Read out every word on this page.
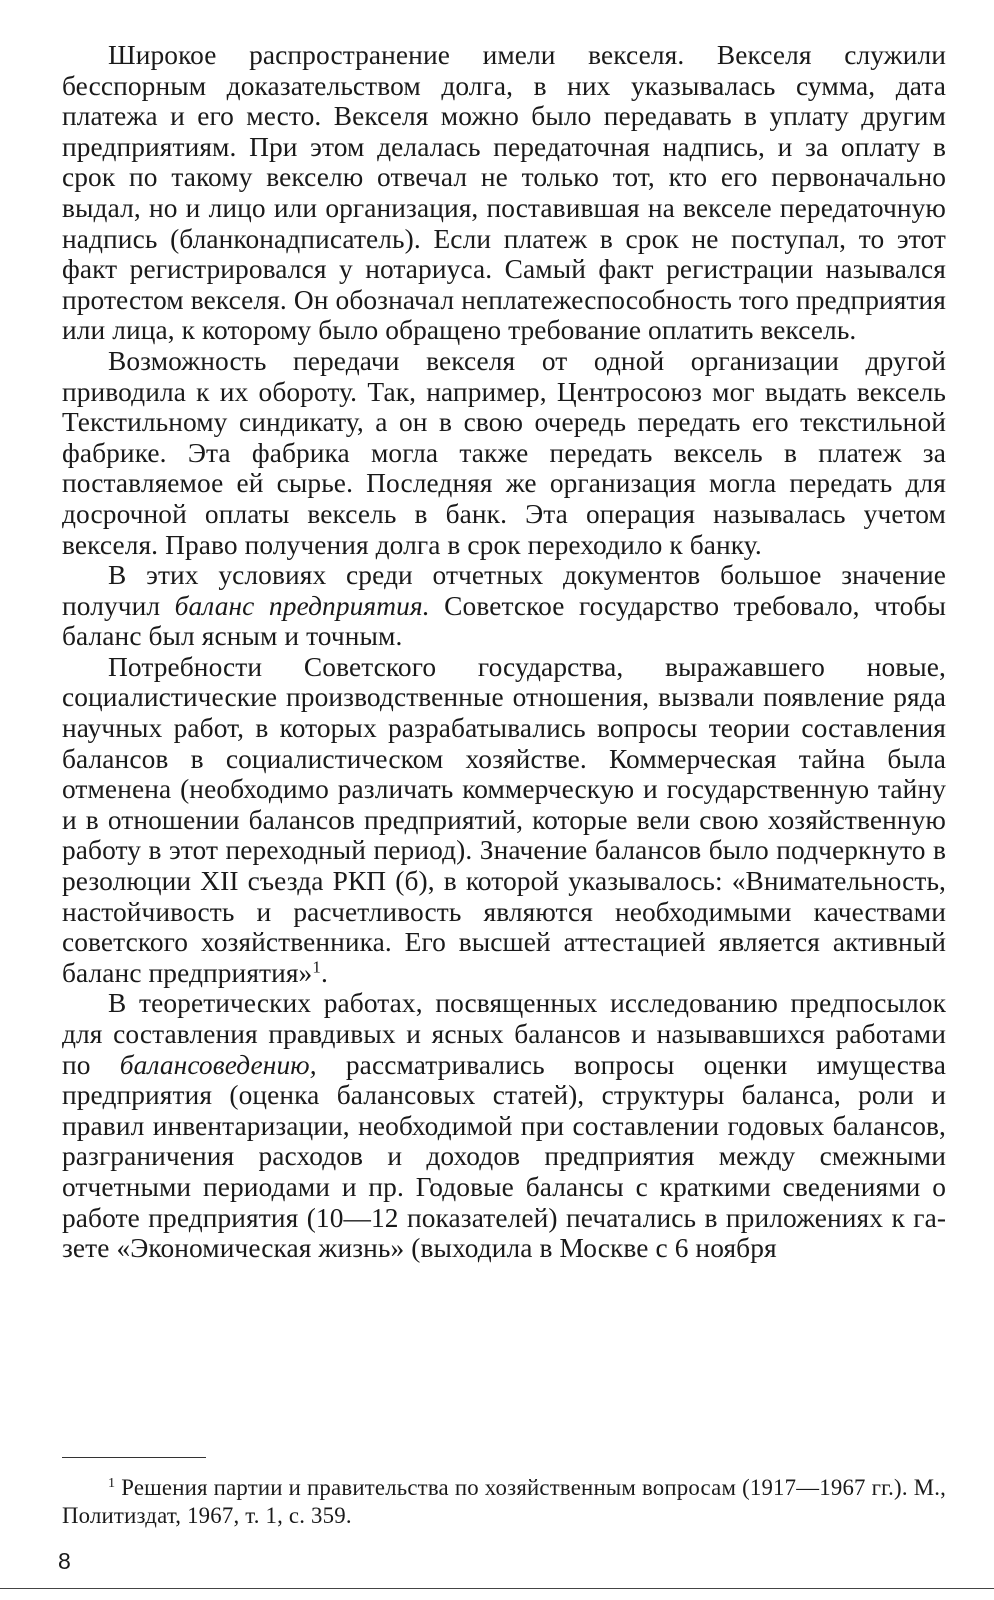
Широкое распространение имели векселя. Векселя служили бесспорным доказательством долга, в них указывалась сумма, дата платежа и его место. Векселя можно было передавать в уплату другим предприятиям. При этом делалась передаточная надпись, и за оплату в срок по такому векселю отвечал не только тот, кто его первоначально выдал, но и лицо или организация, поставившая на векселе передаточную надпись (бланконадписатель). Если платеж в срок не поступал, то этот факт регистрировался у нотариуса. Самый факт регистрации назывался протестом векселя. Он обозначал неплатежеспособность того предприятия или лица, к которому было обращено требование оплатить вексель.

Возможность передачи векселя от одной организации другой приводила к их обороту. Так, например, Центросоюз мог выдать вексель Текстильному синдикату, а он в свою очередь передать его текстильной фабрике. Эта фабрика могла также передать вексель в платеж за поставляемое ей сырье. Последняя же организация могла передать для досрочной оплаты вексель в банк. Эта операция называлась учетом векселя. Право получения долга в срок переходило к банку.

В этих условиях среди отчетных документов большое значение получил баланс предприятия. Советское государство требовало, чтобы баланс был ясным и точным.

Потребности Советского государства, выражавшего новые, социалистические производственные отношения, вызвали появление ряда научных работ, в которых разрабатывались вопросы теории составления балансов в социалистическом хозяйстве. Коммерческая тайна была отменена (необходимо различать коммерческую и государственную тайну и в отношении балансов предприятий, которые вели свою хозяйственную работу в этот переходный период). Значение балансов было подчеркнуто в резолюции XII съезда РКП (б), в которой указывалось: «Внимательность, настойчивость и расчетливость являются необходимыми качествами советского хозяйственника. Его высшей аттестацией является активный баланс предприятия»$^1$.

В теоретических работах, посвященных исследованию предпосылок для составления правдивых и ясных балансов и называвшихся работами по балансоведению, рассматривались вопросы оценки имущества предприятия (оценка балансовых статей), структуры баланса, роли и правил инвентаризации, необходимой при составлении годовых балансов, разграничения расходов и доходов предприятия между смежными отчетными периодами и пр. Годовые балансы с краткими сведениями о работе предприятия (10—12 показателей) печатались в приложениях к газете «Экономическая жизнь» (выходила в Москве с 6 ноября

$^1$ Решения партии и правительства по хозяйственным вопросам (1917—1967 гг.). М., Политиздат, 1967, т. 1, с. 359.

8
